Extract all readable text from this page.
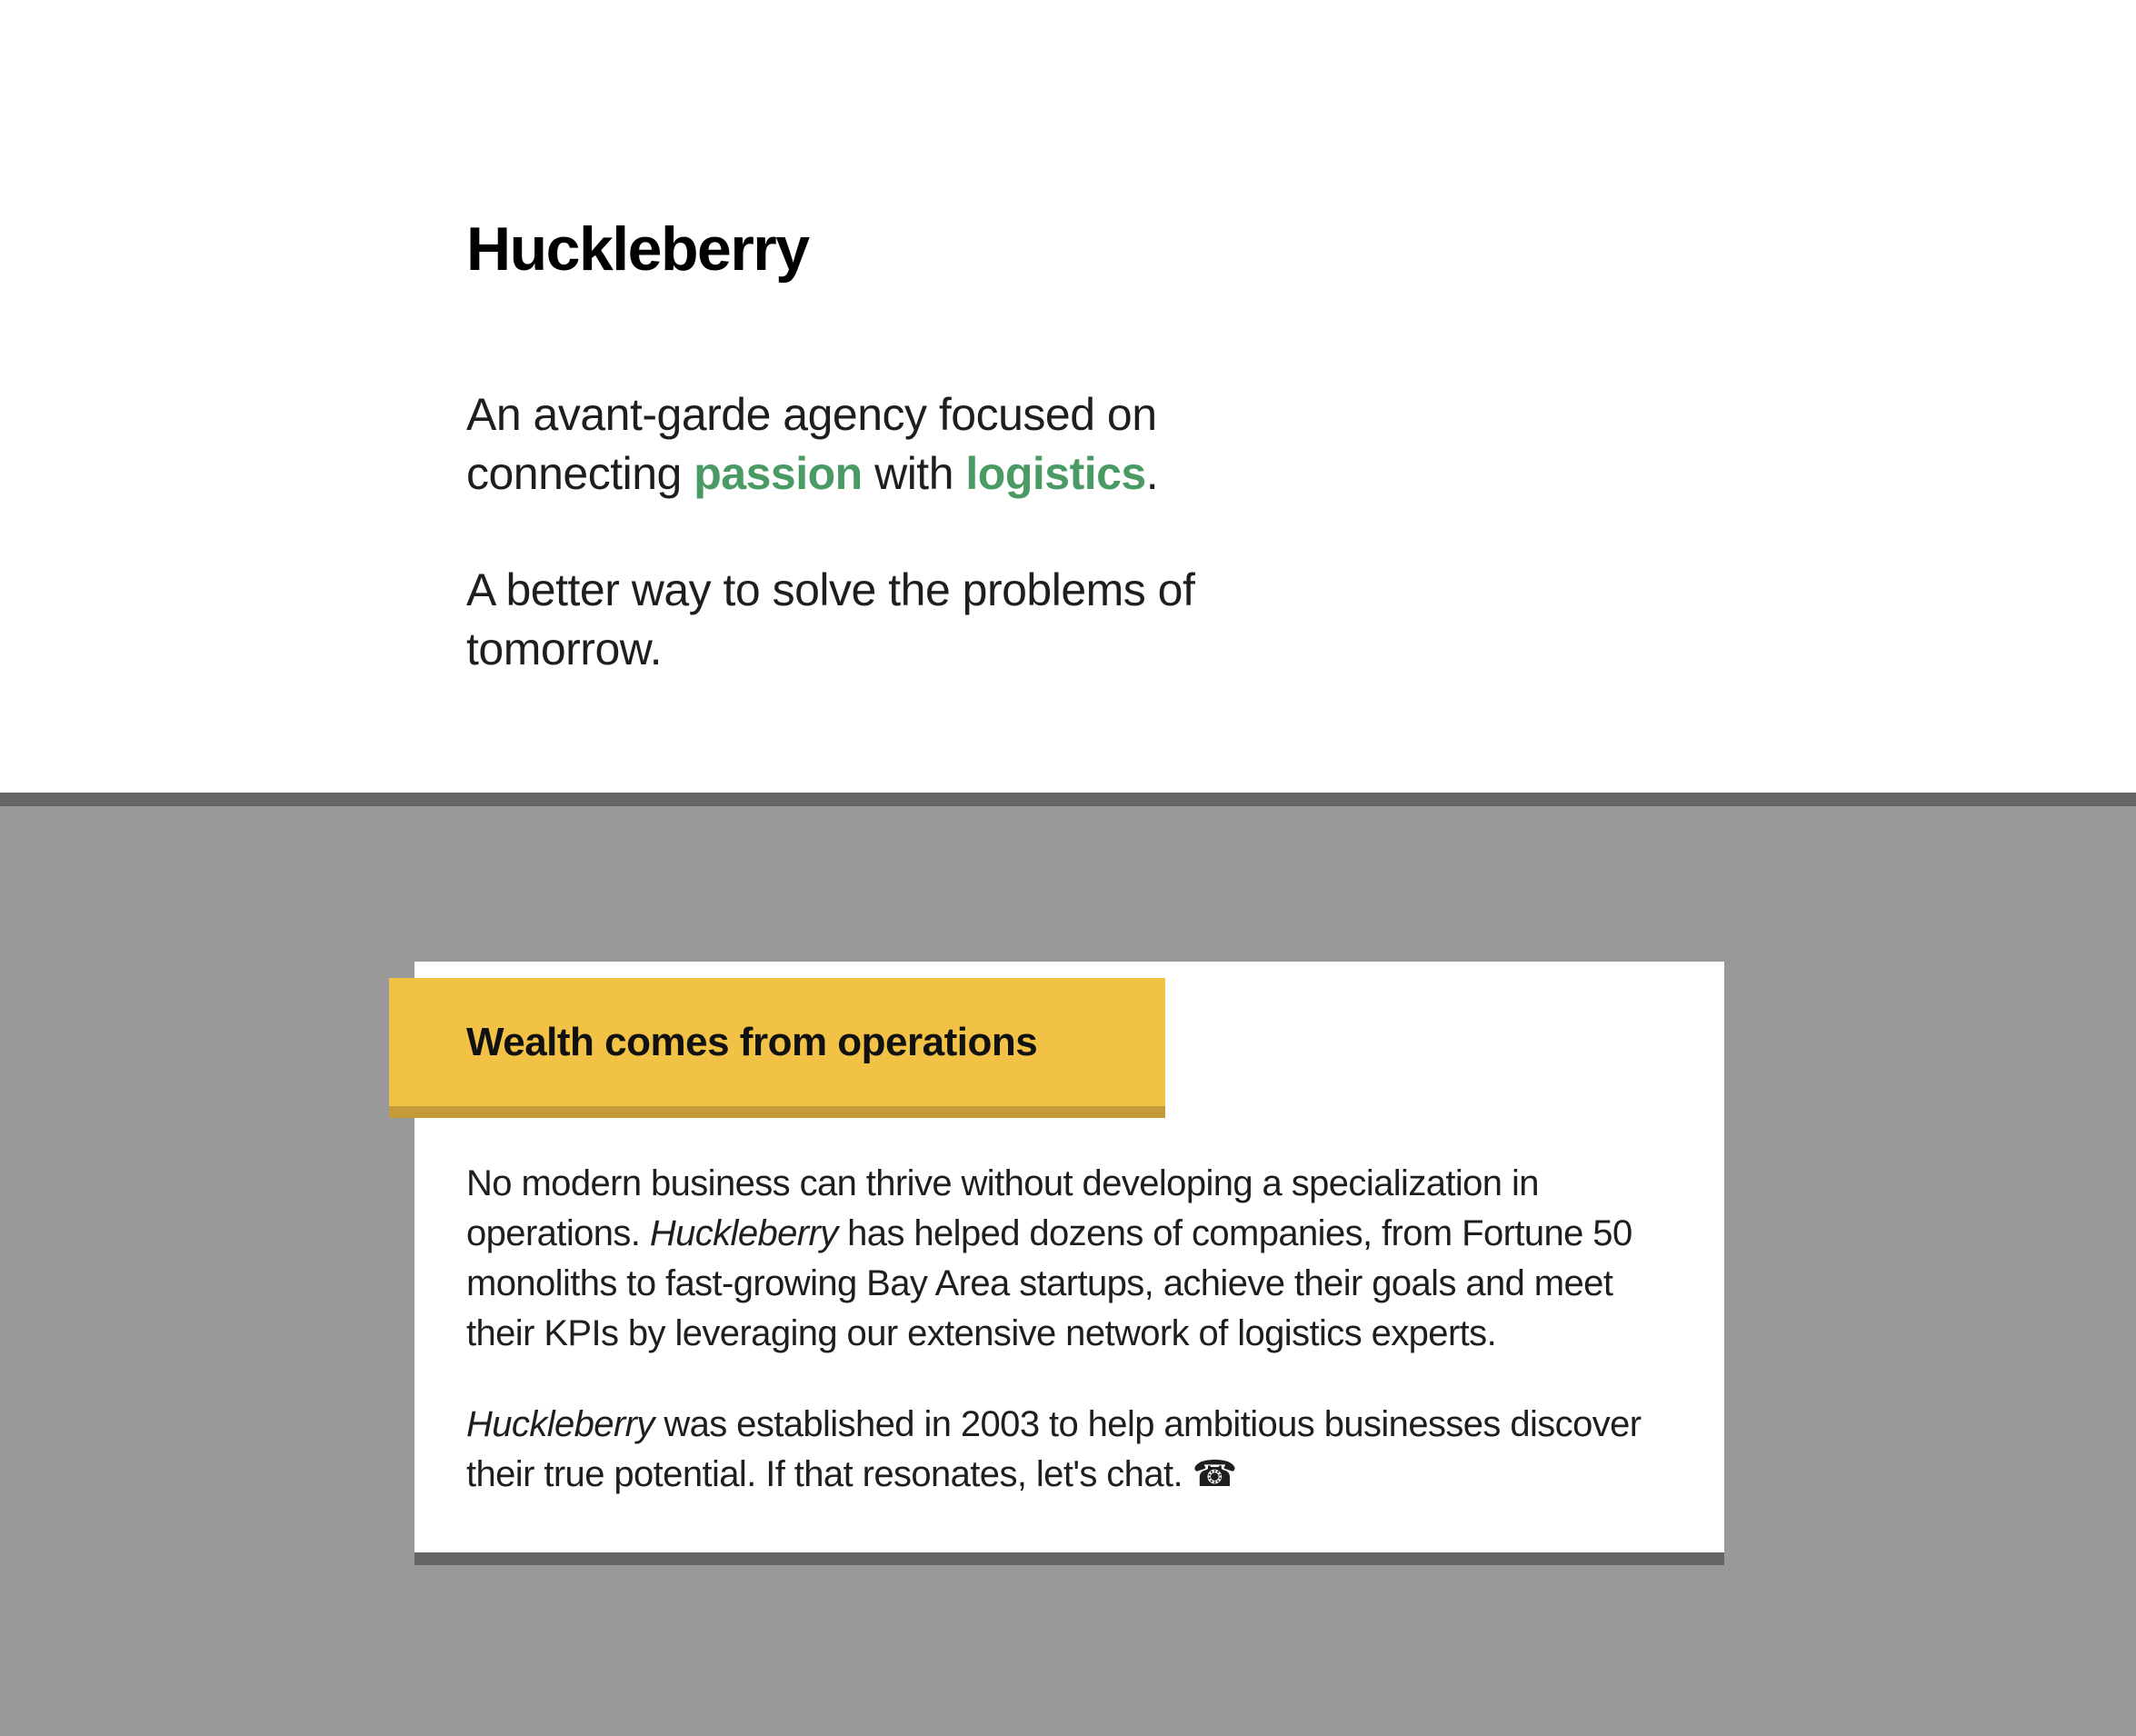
Huckleberry

An avant-garde agency focused on
connecting passion with logistics.

A better way to solve the problems of
tomorrow.

Wealth comes from operations

No modern business can thrive without developing a specialization in
operations. Huckleberry has helped dozens of companies, from Fortune 50
monoliths to fast-growing Bay Area startups, achieve their goals and meet
their KPIs by leveraging our extensive network of logistics experts.

Huckleberry was established in 2003 to help ambitious businesses discover
their true potential. If that resonates, let's chat. ☎
